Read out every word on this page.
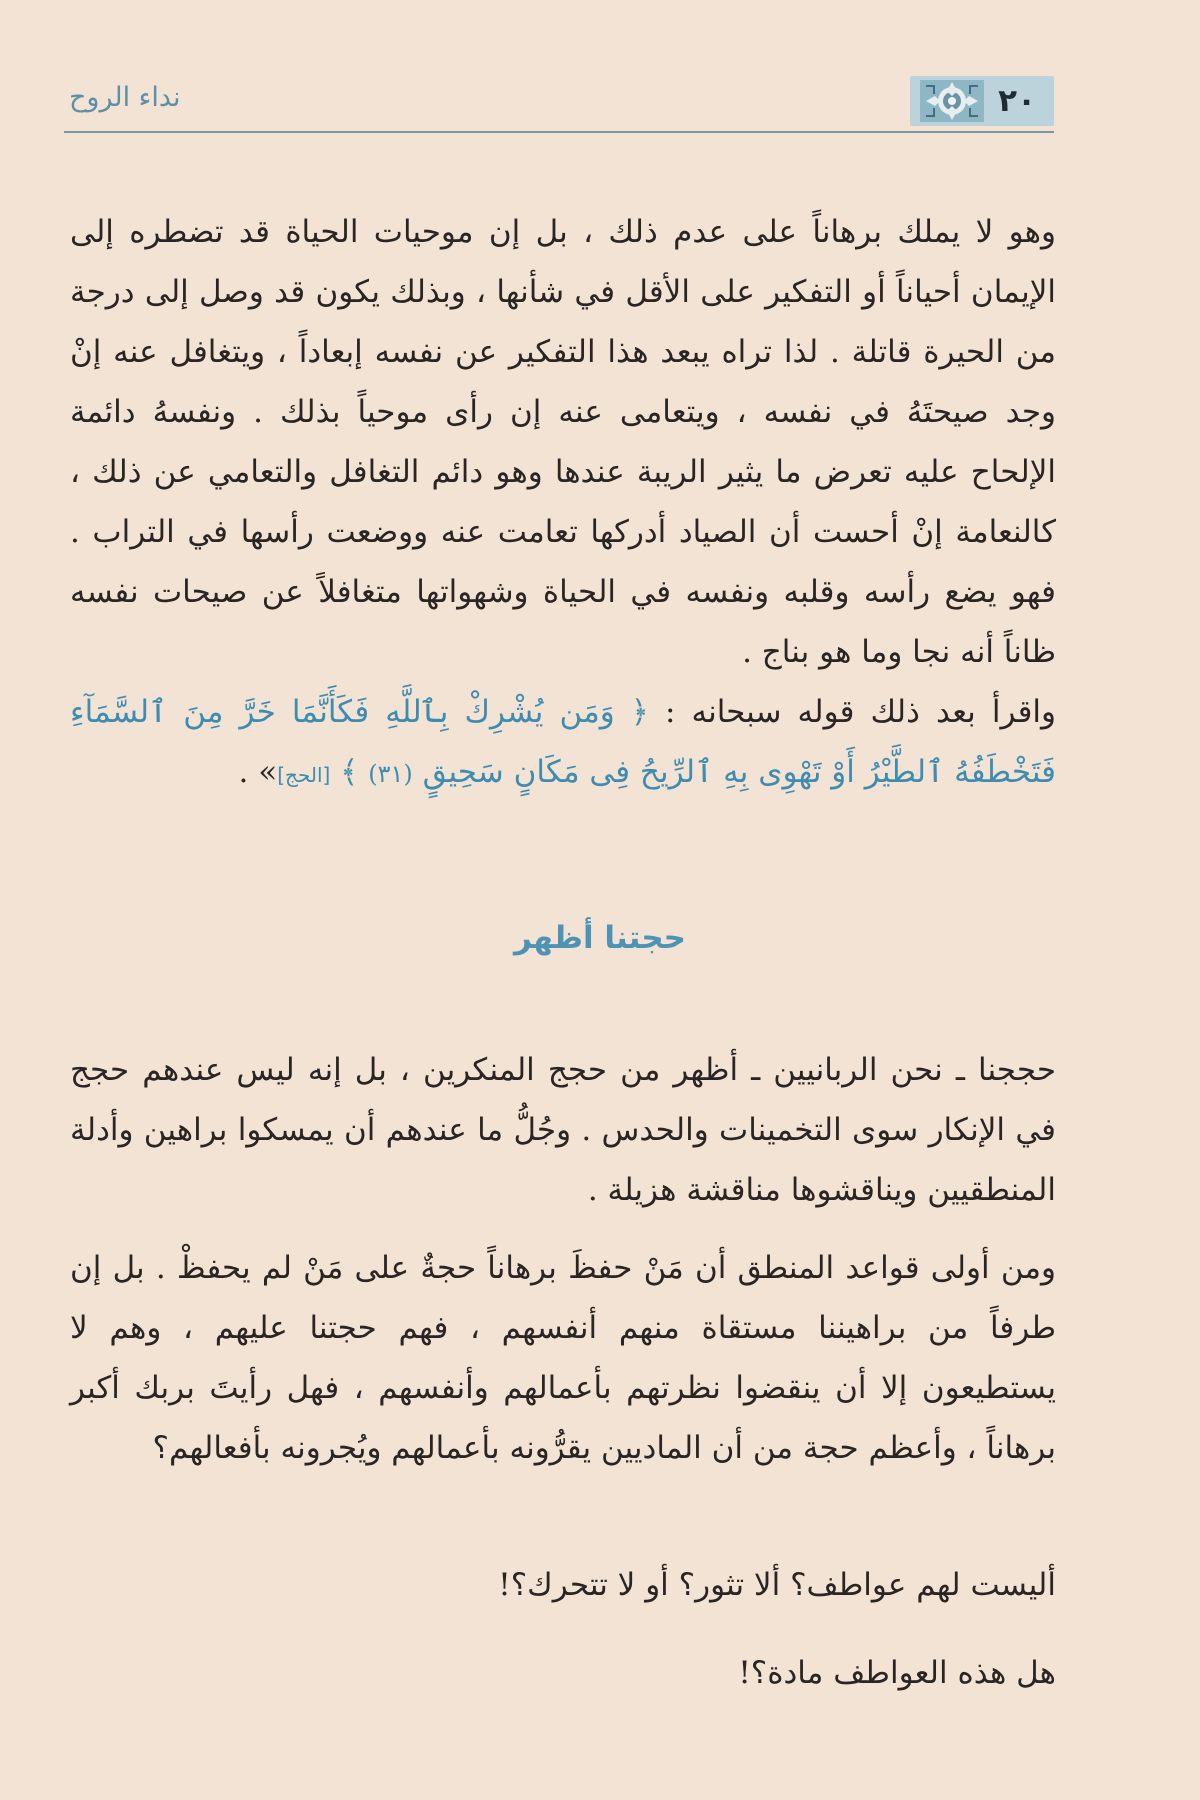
نداء الروح	٢٠

وهو لا يملك برهاناً على عدم ذلك ، بل إن موحيات الحياة قد تضطره إلى الإيمان أحياناً أو التفكير على الأقل في شأنها ، وبذلك يكون قد وصل إلى درجة من الحيرة قاتلة . لذا تراه يبعد هذا التفكير عن نفسه إبعاداً ، ويتغافل عنه إنْ وجد صيحتَهُ في نفسه ، ويتعامى عنه إن رأى موحياً بذلك . ونفسهُ دائمة الإلحاح عليه تعرض ما يثير الريبة عندها وهو دائم التغافل والتعامي عن ذلك ، كالنعامة إنْ أحست أن الصياد أدركها تعامت عنه ووضعت رأسها في التراب . فهو يضع رأسه وقلبه ونفسه في الحياة وشهواتها متغافلاً عن صيحات نفسه ظاناً أنه نجا وما هو بناج .
واقرأ بعد ذلك قوله سبحانه : ﴿ وَمَن يُشْرِكْ بِٱللَّهِ فَكَأَنَّمَا خَرَّ مِنَ ٱلسَّمَآءِ فَتَخْطَفُهُ ٱلطَّيْرُ أَوْ تَهْوِى بِهِ ٱلرِّيحُ فِى مَكَانٍ سَحِيقٍ (٣١) ﴾ [الحج]» .

حجتنا أظهر

حججنا ـ نحن الربانيين ـ أظهر من حجج المنكرين ، بل إنه ليس عندهم حجج في الإنكار سوى التخمينات والحدس . وجُلُّ ما عندهم أن يمسكوا براهين وأدلة المنطقيين ويناقشوها مناقشة هزيلة .

ومن أولى قواعد المنطق أن مَنْ حفظَ برهاناً حجةٌ على مَنْ لم يحفظْ . بل إن طرفاً من براهيننا مستقاة منهم أنفسهم ، فهم حجتنا عليهم ، وهم لا يستطيعون إلا أن ينقضوا نظرتهم بأعمالهم وأنفسهم ، فهل رأيتَ بربك أكبر برهاناً ، وأعظم حجة من أن الماديين يقرُّونه بأعمالهم ويُجرونه بأفعالهم؟

أليست لهم عواطف؟ ألا تثور؟ أو لا تتحرك؟!

هل هذه العواطف مادة؟!
